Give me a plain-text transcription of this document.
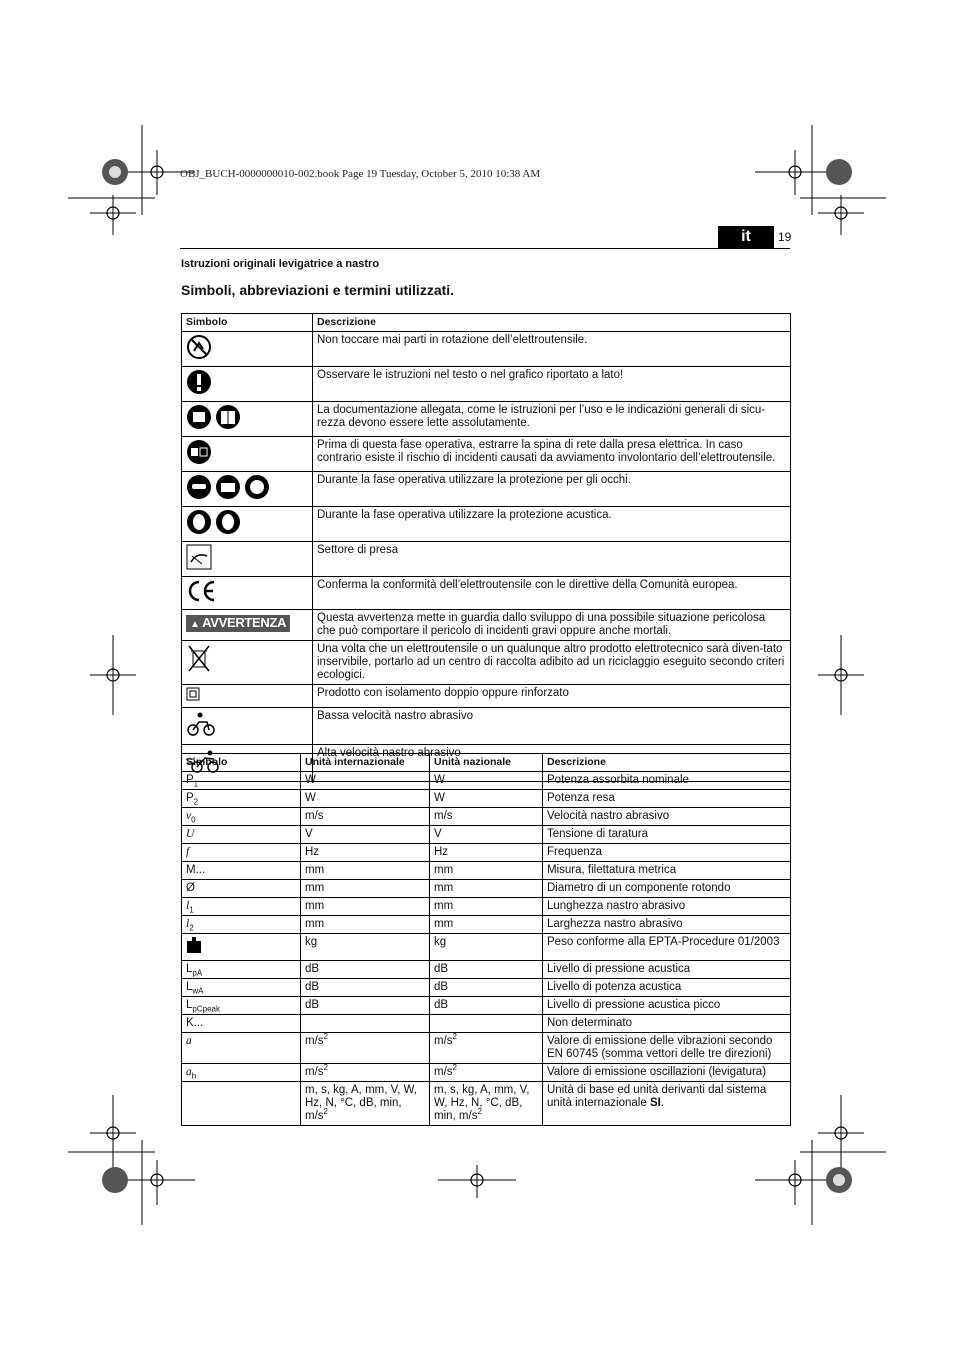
OBJ_BUCH-0000000010-002.book Page 19 Tuesday, October 5, 2010 10:38 AM
it	19
Istruzioni originali levigatrice a nastro
Simboli, abbreviazioni e termini utilizzati.
Simbolo	Descrizione
	Non toccare mai parti in rotazione dell’elettroutensile.
	Osservare le istruzioni nel testo o nel grafico riportato a lato!
	La documentazione allegata, come le istruzioni per l’uso e le indicazioni generali di sicu-rezza devono essere lette assolutamente.
	Prima di questa fase operativa, estrarre la spina di rete dalla presa elettrica. In caso contrario esiste il rischio di incidenti causati da avviamento involontario dell’elettroutensile.
	Durante la fase operativa utilizzare la protezione per gli occhi.
	Durante la fase operativa utilizzare la protezione acustica.
	Settore di presa
	Conferma la conformità dell’elettroutensile con le direttive della Comunità europea.
▲ AVVERTENZA	Questa avvertenza mette in guardia dallo sviluppo di una possibile situazione pericolosa che può comportare il pericolo di incidenti gravi oppure anche mortali.
	Una volta che un elettroutensile o un qualunque altro prodotto elettrotecnico sarà diven-tato inservibile, portarlo ad un centro di raccolta adibito ad un riciclaggio eseguito secondo criteri ecologici.
	Prodotto con isolamento doppio oppure rinforzato
	Bassa velocità nastro abrasivo
	Alta velocità nastro abrasivo
Simbolo	Unità internazionale	Unità nazionale	Descrizione
$P_1$	W	W	Potenza assorbita nominale
$P_2$	W	W	Potenza resa
$v_0$	m/s	m/s	Velocità nastro abrasivo
U	V	V	Tensione di taratura
f	Hz	Hz	Frequenza
M...	mm	mm	Misura, filettatura metrica
Ø	mm	mm	Diametro di un componente rotondo
$l_1$	mm	mm	Lunghezza nastro abrasivo
$l_2$	mm	mm	Larghezza nastro abrasivo
	kg	kg	Peso conforme alla EPTA-Procedure 01/2003
$L_{pA}$	dB	dB	Livello di pressione acustica
$L_{wA}$	dB	dB	Livello di potenza acustica
$L_{pCpeak}$	dB	dB	Livello di pressione acustica picco
K...			Non determinato
a	$m/s^2$	$m/s^2$	Valore di emissione delle vibrazioni secondo EN 60745 (somma vettori delle tre direzioni)
$a_h$	$m/s^2$	$m/s^2$	Valore di emissione oscillazioni (levigatura)
	m, s, kg, A, mm, V, W, Hz, N, °C, dB, min, $m/s^2$	m, s, kg, A, mm, V, W, Hz, N, °C, dB, min, $m/s^2$	Unità di base ed unità derivanti dal sistema unità internazionale SI.
